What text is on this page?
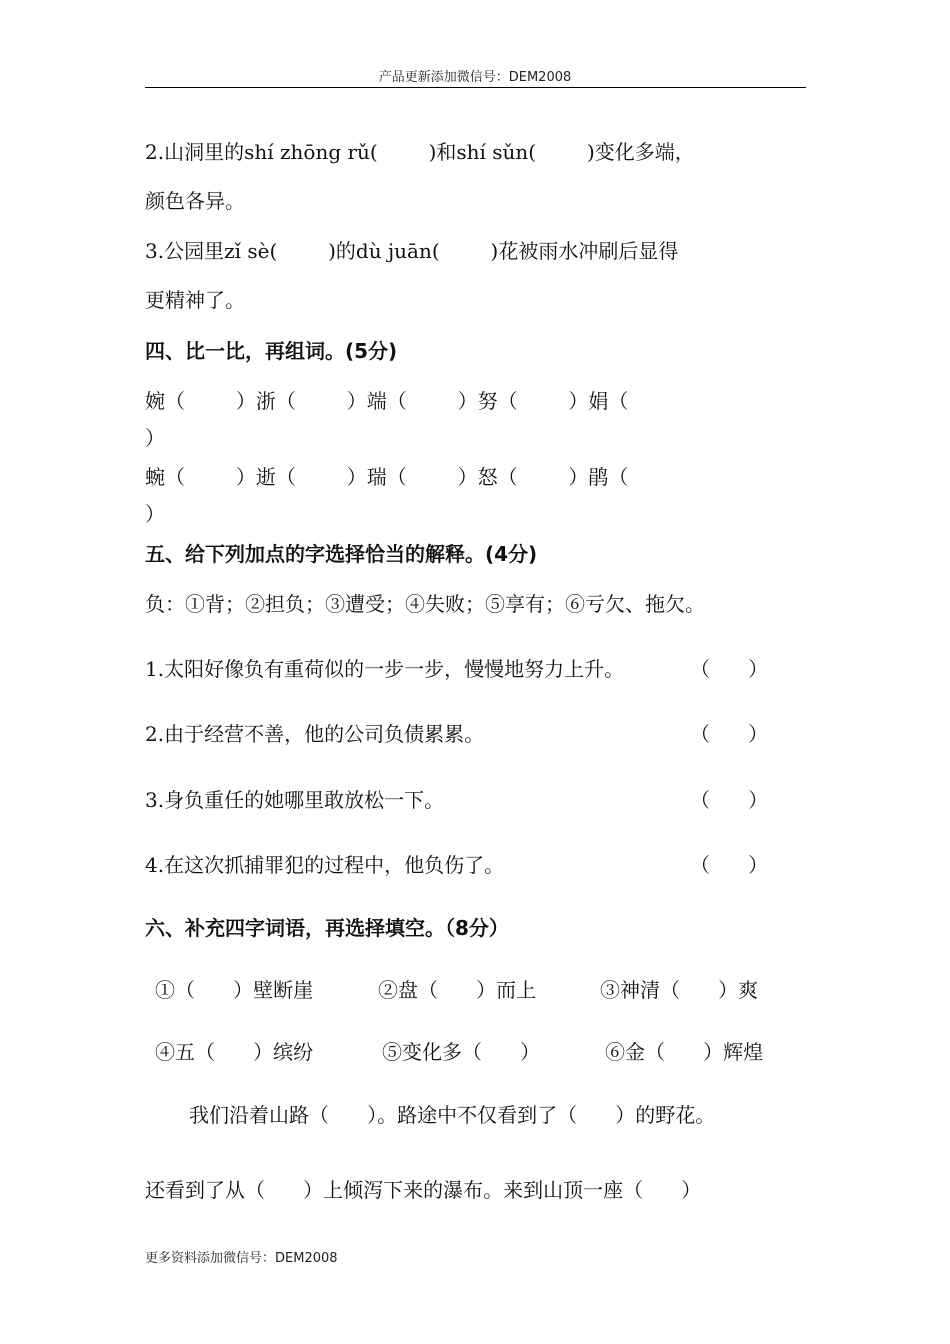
产品更新添加微信号：DEM2008
2.山洞里的shí zhōng rǔ(        )和shí sǔn(        )变化多端，
颜色各异。
3.公园里zǐ sè(        )的dù juān(        )花被雨水冲刷后显得
更精神了。
四、比一比，再组词。(5分)
婉（        ）浙（        ）端（        ）努（        ）娟（
）
蜿（        ）逝（        ）瑞（        ）怒（        ）鹃（
）
五、给下列加点的字选择恰当的解释。(4分)
负：①背；②担负；③遭受；④失败；⑤享有；⑥亏欠、拖欠。
1.太阳好像负有重荷似的一步一步，慢慢地努力上升。	（      ）
2.由于经营不善，他的公司负债累累。	（      ）
3.身负重任的她哪里敢放松一下。	（      ）
4.在这次抓捕罪犯的过程中，他负伤了。	（      ）
六、补充四字词语，再选择填空。（8分）
①（      ）壁断崖	②盘（      ）而上	③神清（      ）爽
④五（      ）缤纷	⑤变化多（      ）	⑥金（      ）辉煌
我们沿着山路（      ）。路途中不仅看到了（      ）的野花。
还看到了从（      ）上倾泻下来的瀑布。来到山顶一座（      ）
更多资料添加微信号：DEM2008
